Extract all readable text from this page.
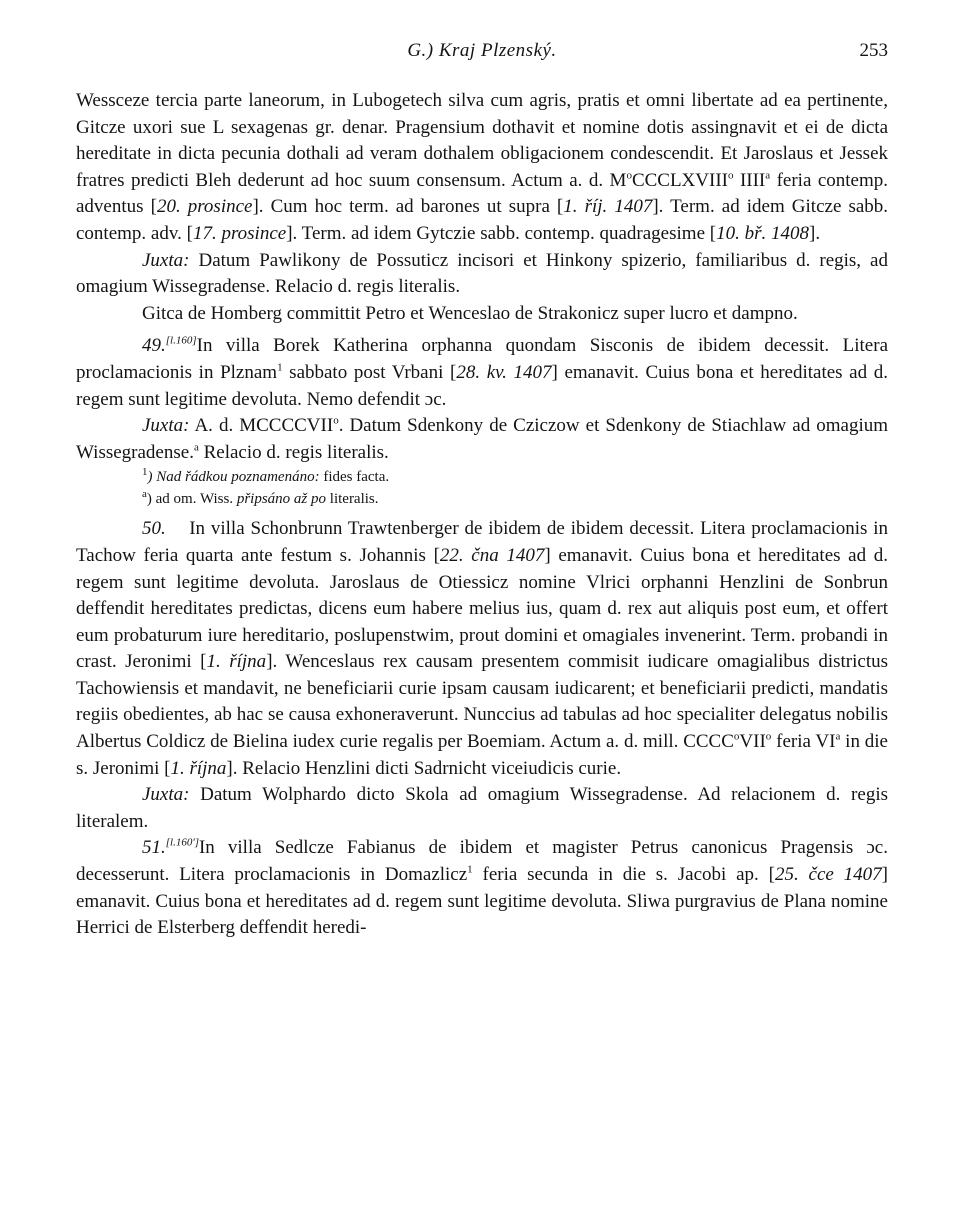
G.) Kraj Plzenský.	253

Wessceze tercia parte laneorum, in Lubogetech silva cum agris, pratis et omni libertate ad ea pertinente, Gitcze uxori sue L sexagenas gr. denar. Pragensium dothavit et nomine dotis assingnavit et ei de dicta hereditate in dicta pecunia dothali ad veram dothalem obligacionem condescendit. Et Jaroslaus et Jessek fratres predicti Bleh dederunt ad hoc suum consensum. Actum a. d. $M^oCCCLXVIII^o$ IIII$^a$ feria contemp. adventus [20. prosince]. Cum hoc term. ad barones ut supra [1. říj. 1407]. Term. ad idem Gitcze sabb. contemp. adv. [17. prosince]. Term. ad idem Gytczie sabb. contemp. quadragesime [10. bř. 1408].

Juxta: Datum Pawlikony de Possuticz incisori et Hinkony spizerio, familiaribus d. regis, ad omagium Wissegradense. Relacio d. regis literalis.

Gitca de Homberg committit Petro et Wenceslao de Strakonicz super lucro et dampno.

49.[l.160]In villa Borek Katherina orphanna quondam Sisconis de ibidem decessit. Litera proclamacionis in Plznam$^1$ sabbato post Vrbani [28. kv. 1407] emanavit. Cuius bona et hereditates ad d. regem sunt legitime devoluta. Nemo defendit ɔc.

Juxta: A. d. MCCCCVII$^o$. Datum Sdenkony de Cziczow et Sdenkony de Stiachlaw ad omagium Wissegradense.$^a$ Relacio d. regis literalis.

$^1$) Nad řádkou poznamenáno: fides facta.

$^a$) ad om. Wiss. připsáno až po literalis.

50. In villa Schonbrunn Trawtenberger de ibidem de ibidem decessit. Litera proclamacionis in Tachow feria quarta ante festum s. Johannis [22. čna 1407] emanavit. Cuius bona et hereditates ad d. regem sunt legitime devoluta. Jaroslaus de Otiessicz nomine Vlrici orphanni Henzlini de Sonbrun deffendit hereditates predictas, dicens eum habere melius ius, quam d. rex aut aliquis post eum, et offert eum probaturum iure hereditario, poslupenstwim, prout domini et omagiales invenerint. Term. probandi in crast. Jeronimi [1. října]. Wenceslaus rex causam presentem commisit iudicare omagialibus districtus Tachowiensis et mandavit, ne beneficiarii curie ipsam causam iudicarent; et beneficiarii predicti, mandatis regiis obedientes, ab hac se causa exhoneraverunt. Nunccius ad tabulas ad hoc specialiter delegatus nobilis Albertus Coldicz de Bielina iudex curie regalis per Boemiam. Actum a. d. mill. CCCC$^o$VII$^o$ feria $VI^a$ in die s. Jeronimi [1. října]. Relacio Henzlini dicti Sadrnicht viceiudicis curie.

Juxta: Datum Wolphardo dicto Skola ad omagium Wissegradense. Ad relacionem d. regis literalem.

51.[l.160']In villa Sedlcze Fabianus de ibidem et magister Petrus canonicus Pragensis ɔc. decesserunt. Litera proclamacionis in Domazlicz$^1$ feria secunda in die s. Jacobi ap. [25. čce 1407] emanavit. Cuius bona et hereditates ad d. regem sunt legitime devoluta. Sliwa purgravius de Plana nomine Herrici de Elsterberg deffendit heredi-
